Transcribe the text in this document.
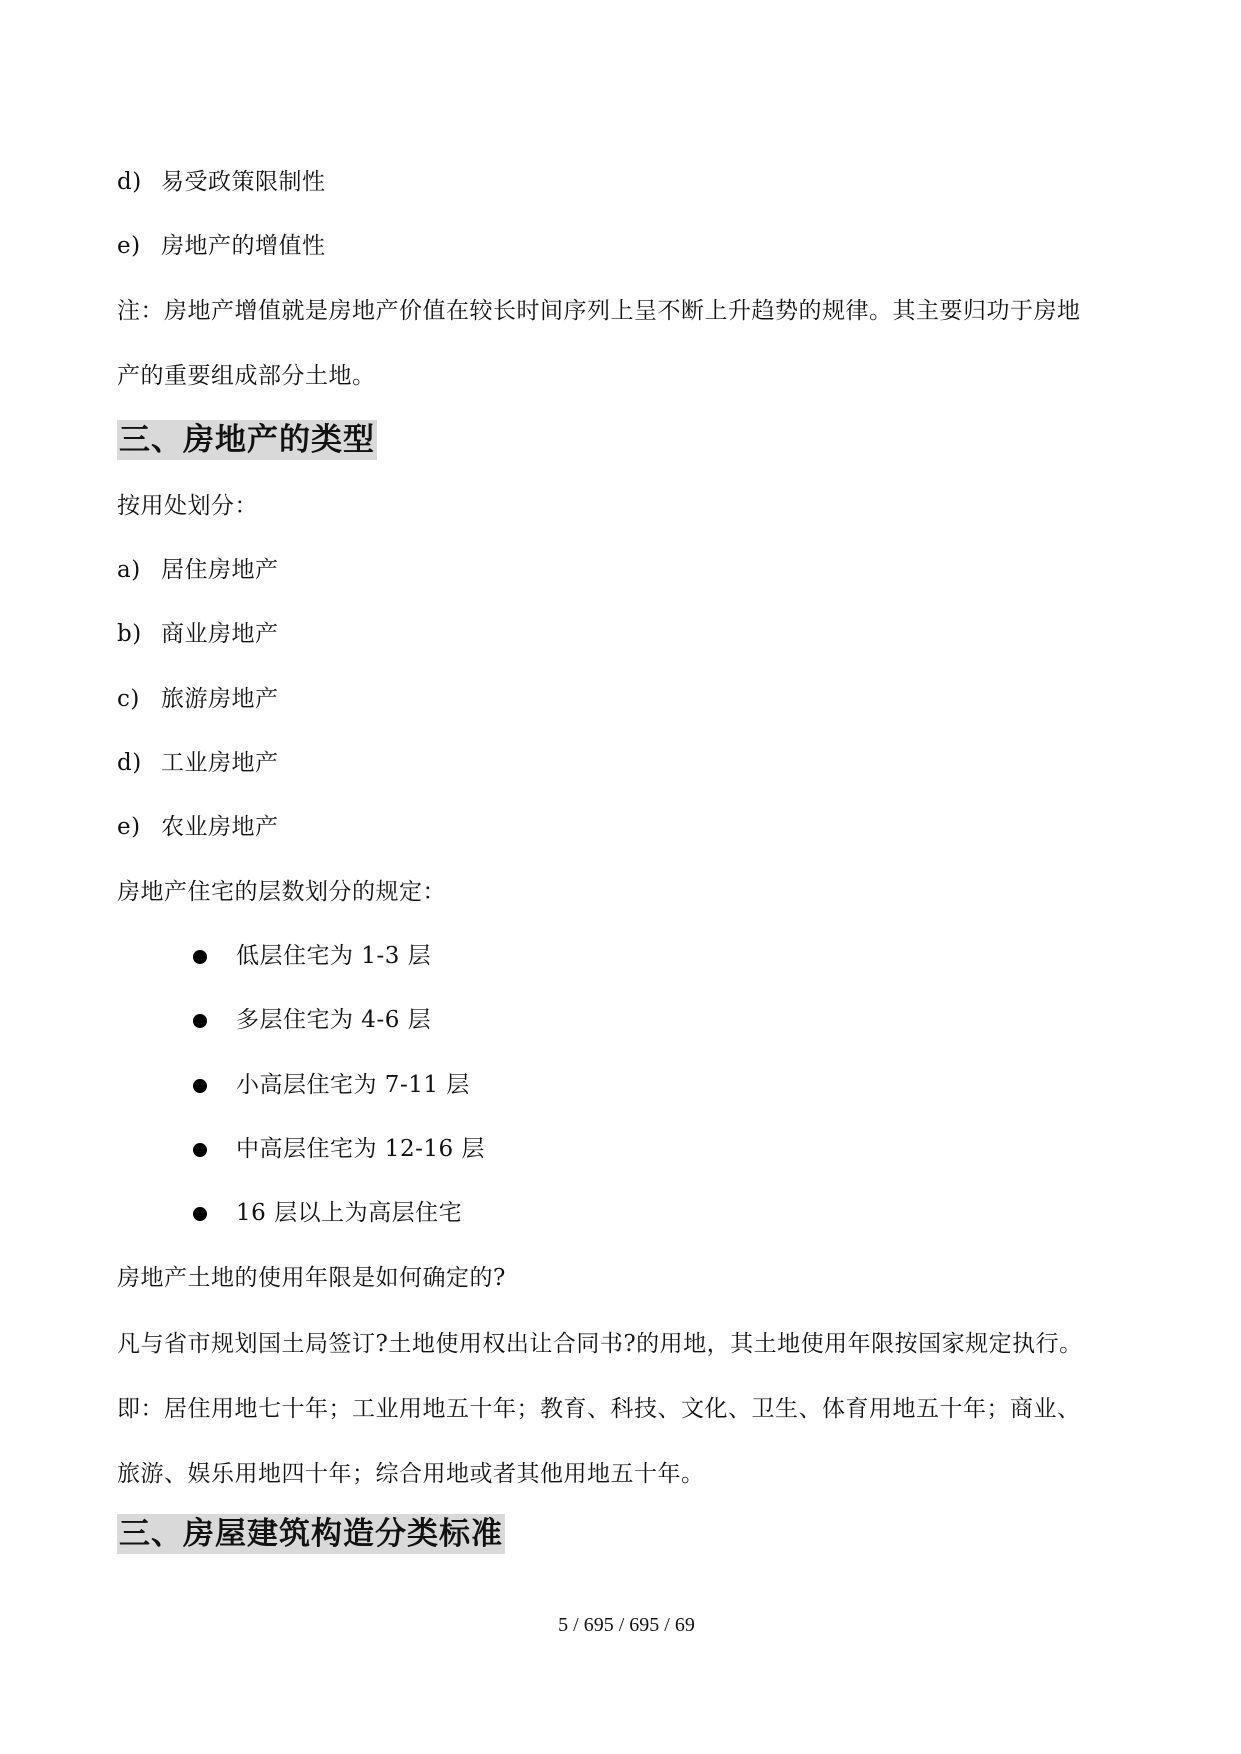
d) 易受政策限制性
e) 房地产的增值性
注：房地产增值就是房地产价值在较长时间序列上呈不断上升趋势的规律。其主要归功于房地
产的重要组成部分土地。
三、房地产的类型
按用处划分：
a) 居住房地产
b) 商业房地产
c) 旅游房地产
d) 工业房地产
e) 农业房地产
房地产住宅的层数划分的规定：
低层住宅为 1-3 层
多层住宅为 4-6 层
小高层住宅为 7-11 层
中高层住宅为 12-16 层
16 层以上为高层住宅
房地产土地的使用年限是如何确定的?
凡与省市规划国土局签订?土地使用权出让合同书?的用地，其土地使用年限按国家规定执行。
即：居住用地七十年；工业用地五十年；教育、科技、文化、卫生、体育用地五十年；商业、
旅游、娱乐用地四十年；综合用地或者其他用地五十年。
三、房屋建筑构造分类标准
5 / 695 / 695 / 69
